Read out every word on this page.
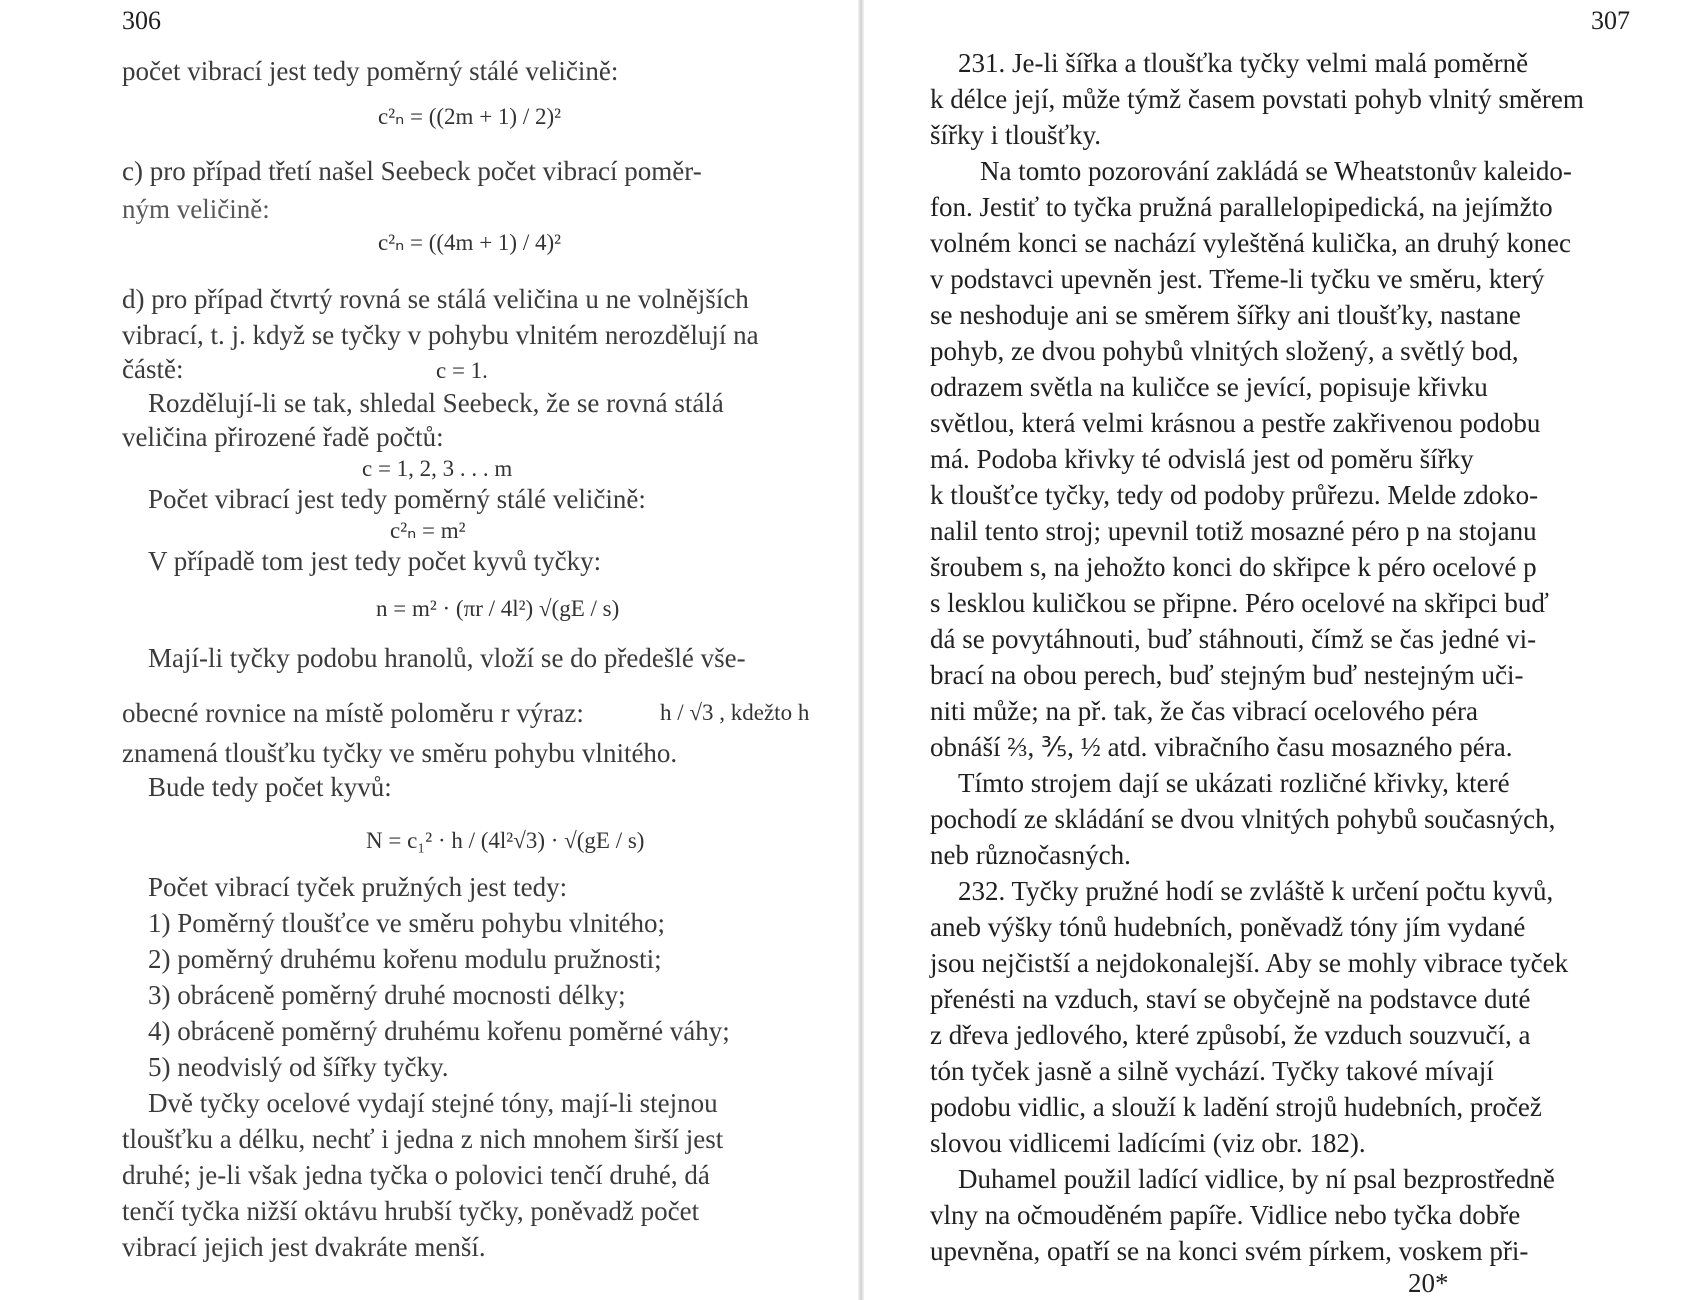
306
počet vibrací jest tedy poměrný stálé veličině:
c²ₙ = ((2m + 1) / 2)²
c) pro případ třetí našel Seebeck počet vibrací poměr-
ným veličině:
c²ₙ = ((4m + 1) / 4)²
d) pro případ čtvrtý rovná se stálá veličina u ne volnějších
vibrací, t. j. když se tyčky v pohybu vlnitém nerozdělují na
částě:	c = 1.
Rozdělují-li se tak, shledal Seebeck, že se rovná stálá
veličina přirozené řadě počtů:
c = 1, 2, 3 . . . m
Počet vibrací jest tedy poměrný stálé veličině:
c²ₙ = m²
V případě tom jest tedy počet kyvů tyčky:
n = m² · (πr / 4l²) √(gE / s)
Mají-li tyčky podobu hranolů, vloží se do předešlé vše-
obecné rovnice na místě poloměru r výraz:	h / √3 , kdežto h
znamená tloušťku tyčky ve směru pohybu vlnitého.
Bude tedy počet kyvů:
N = c₁² · h / (4l²√3) · √(gE / s)
Počet vibrací tyček pružných jest tedy:
1) Poměrný tloušťce ve směru pohybu vlnitého;
2) poměrný druhému kořenu modulu pružnosti;
3) obráceně poměrný druhé mocnosti délky;
4) obráceně poměrný druhému kořenu poměrné váhy;
5) neodvislý od šířky tyčky.
Dvě tyčky ocelové vydají stejné tóny, mají-li stejnou
tloušťku a délku, nechť i jedna z nich mnohem širší jest
druhé; je-li však jedna tyčka o polovici tenčí druhé, dá
tenčí tyčka nižší oktávu hrubší tyčky, poněvadž počet
vibrací jejich jest dvakráte menší.
307
231. Je-li šířka a tloušťka tyčky velmi malá poměrně
k délce její, může týmž časem povstati pohyb vlnitý směrem
šířky i tloušťky.
Na tomto pozorování zakládá se Wheatstonův kaleido-
fon. Jestiť to tyčka pružná parallelopipedická, na jejímžto
volném konci se nachází vyleštěná kulička, an druhý konec
v podstavci upevněn jest. Třeme-li tyčku ve směru, který
se neshoduje ani se směrem šířky ani tloušťky, nastane
pohyb, ze dvou pohybů vlnitých složený, a světlý bod,
odrazem světla na kuličce se jevící, popisuje křivku
světlou, která velmi krásnou a pestře zakřivenou podobu
má. Podoba křivky té odvislá jest od poměru šířky
k tloušťce tyčky, tedy od podoby průřezu. Melde zdoko-
nalil tento stroj; upevnil totiž mosazné péro p na stojanu
šroubem s, na jehožto konci do skřipce k péro ocelové p
s lesklou kuličkou se připne. Péro ocelové na skřipci buď
dá se povytáhnouti, buď stáhnouti, čímž se čas jedné vi-
brací na obou perech, buď stejným buď nestejným uči-
niti může; na př. tak, že čas vibrací ocelového péra
obnáší ⅔, ⅗, ½ atd. vibračního času mosazného péra.
Tímto strojem dají se ukázati rozličné křivky, které
pochodí ze skládání se dvou vlnitých pohybů současných,
neb různočasných.
232. Tyčky pružné hodí se zvláště k určení počtu kyvů,
aneb výšky tónů hudebních, poněvadž tóny jím vydané
jsou nejčistší a nejdokonalejší. Aby se mohly vibrace tyček
přenésti na vzduch, staví se obyčejně na podstavce duté
z dřeva jedlového, které způsobí, že vzduch souzvučí, a
tón tyček jasně a silně vychází. Tyčky takové mívají
podobu vidlic, a slouží k ladění strojů hudebních, pročež
slovou vidlicemi ladícími (viz obr. 182).
Duhamel použil ladící vidlice, by ní psal bezprostředně
vlny na očmouděném papíře. Vidlice nebo tyčka dobře
upevněna, opatří se na konci svém pírkem, voskem při-
20*
